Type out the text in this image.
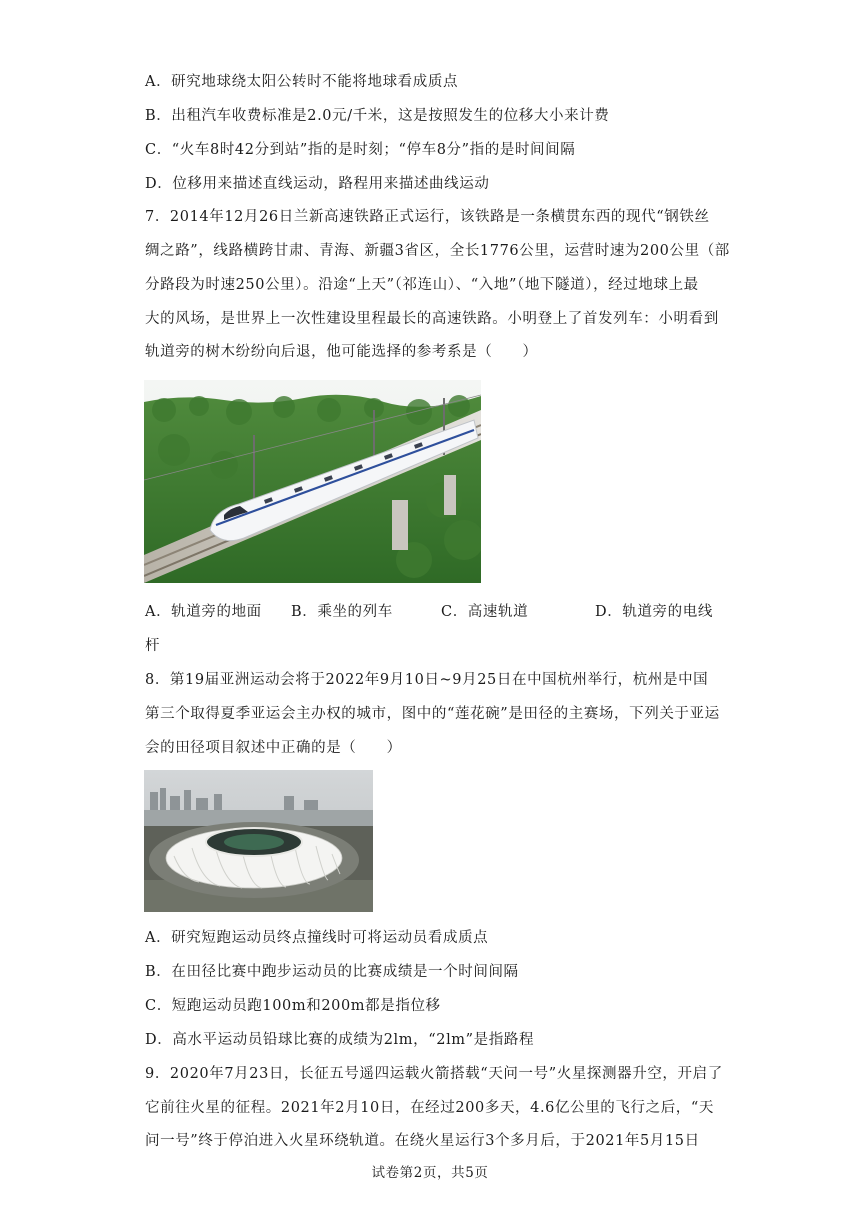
A．研究地球绕太阳公转时不能将地球看成质点
B．出租汽车收费标准是2.0元/千米，这是按照发生的位移大小来计费
C．“火车8时42分到站”指的是时刻；“停车8分”指的是时间间隔
D．位移用来描述直线运动，路程用来描述曲线运动
7．2014年12月26日兰新高速铁路正式运行，该铁路是一条横贯东西的现代“钢铁丝
绸之路”，线路横跨甘肃、青海、新疆3省区，全长1776公里，运营时速为200公里（部
分路段为时速250公里）。沿途“上天”（祁连山）、“入地”（地下隧道），经过地球上最
大的风场，是世界上一次性建设里程最长的高速铁路。小明登上了首发列车：小明看到
轨道旁的树木纷纷向后退，他可能选择的参考系是（　　）
A．轨道旁的地面 B．乘坐的列车	C．高速轨道	D．轨道旁的电线
杆
8．第19届亚洲运动会将于2022年9月10日~9月25日在中国杭州举行，杭州是中国
第三个取得夏季亚运会主办权的城市，图中的“莲花碗”是田径的主赛场，下列关于亚运
会的田径项目叙述中正确的是（　　）
A．研究短跑运动员终点撞线时可将运动员看成质点
B．在田径比赛中跑步运动员的比赛成绩是一个时间间隔
C．短跑运动员跑100m和200m都是指位移
D．高水平运动员铅球比赛的成绩为2lm，“2lm”是指路程
9．2020年7月23日，长征五号遥四运载火箭搭载“天问一号”火星探测器升空，开启了
它前往火星的征程。2021年2月10日，在经过200多天，4.6亿公里的飞行之后，“天
问一号”终于停泊进入火星环绕轨道。在绕火星运行3个多月后，于2021年5月15日
试卷第2页，共5页
